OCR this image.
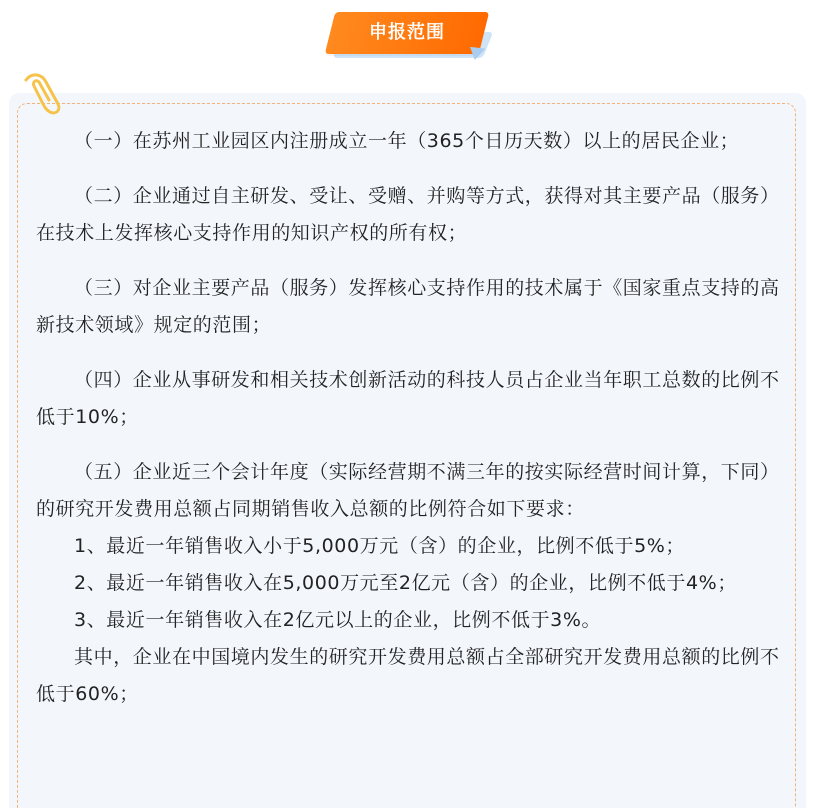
申报范围

（一）在苏州工业园区内注册成立一年（365个日历天数）以上的居民企业；

（二）企业通过自主研发、受让、受赠、并购等方式，获得对其主要产品（服务）在技术上发挥核心支持作用的知识产权的所有权；

（三）对企业主要产品（服务）发挥核心支持作用的技术属于《国家重点支持的高新技术领域》规定的范围；

（四）企业从事研发和相关技术创新活动的科技人员占企业当年职工总数的比例不低于10%；

（五）企业近三个会计年度（实际经营期不满三年的按实际经营时间计算，下同）的研究开发费用总额占同期销售收入总额的比例符合如下要求：

1、最近一年销售收入小于5,000万元（含）的企业，比例不低于5%；

2、最近一年销售收入在5,000万元至2亿元（含）的企业，比例不低于4%；

3、最近一年销售收入在2亿元以上的企业，比例不低于3%。

其中，企业在中国境内发生的研究开发费用总额占全部研究开发费用总额的比例不低于60%；
